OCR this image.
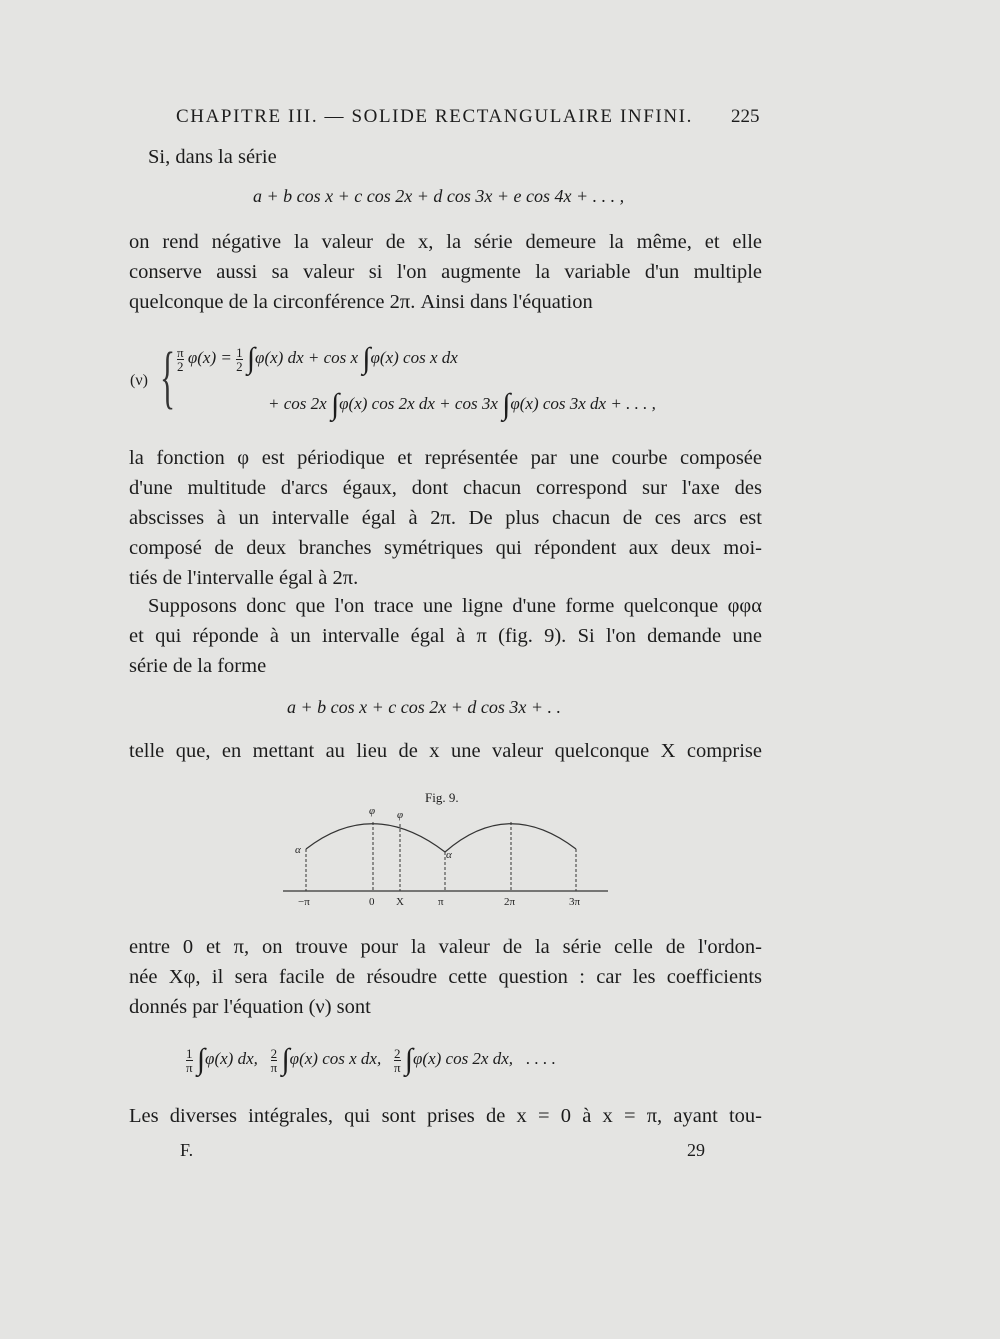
CHAPITRE III. — SOLIDE RECTANGULAIRE INFINI. 225
Si, dans la série
a + b cos x + c cos 2x + d cos 3x + e cos 4x + . . . ,
on rend négative la valeur de x, la série demeure la même, et elle
conserve aussi sa valeur si l'on augmente la variable d'un multiple
quelconque de la circonférence 2π. Ainsi dans l'équation
(ν) { $\frac{\pi}{2} \varphi(x) = \frac{1}{2} \int\varphi(x)$ dx + cos x ∫φ(x) cos x dx
+ cos 2x ∫φ(x) cos 2x dx + cos 3x ∫φ(x) cos 3x dx + . . . ,
la fonction φ est périodique et représentée par une courbe composée
d'une multitude d'arcs égaux, dont chacun correspond sur l'axe des
abscisses à un intervalle égal à 2π. De plus chacun de ces arcs est
composé de deux branches symétriques qui répondent aux deux moi-
tiés de l'intervalle égal à 2π.
Supposons donc que l'on trace une ligne d'une forme quelconque φφα
et qui réponde à un intervalle égal à π (fig. 9). Si l'on demande une
série de la forme
a + b cos x + c cos 2x + d cos 3x + . .
telle que, en mettant au lieu de x une valeur quelconque X comprise
Fig. 9.
φ φ
α	α
−π	0 X	π	2π	3π
entre 0 et π, on trouve pour la valeur de la série celle de l'ordon-
née Xφ, il sera facile de résoudre cette question : car les coefficients
donnés par l'équation (ν) sont
$\frac{1}{\pi} \int\varphi(x)$ dx, $\frac{2}{\pi} \int\varphi(x)$ cos x dx, $\frac{2}{\pi} \int\varphi(x)$ cos 2x dx, . . . .
Les diverses intégrales, qui sont prises de x = 0 à x = π, ayant tou-
F.	29
